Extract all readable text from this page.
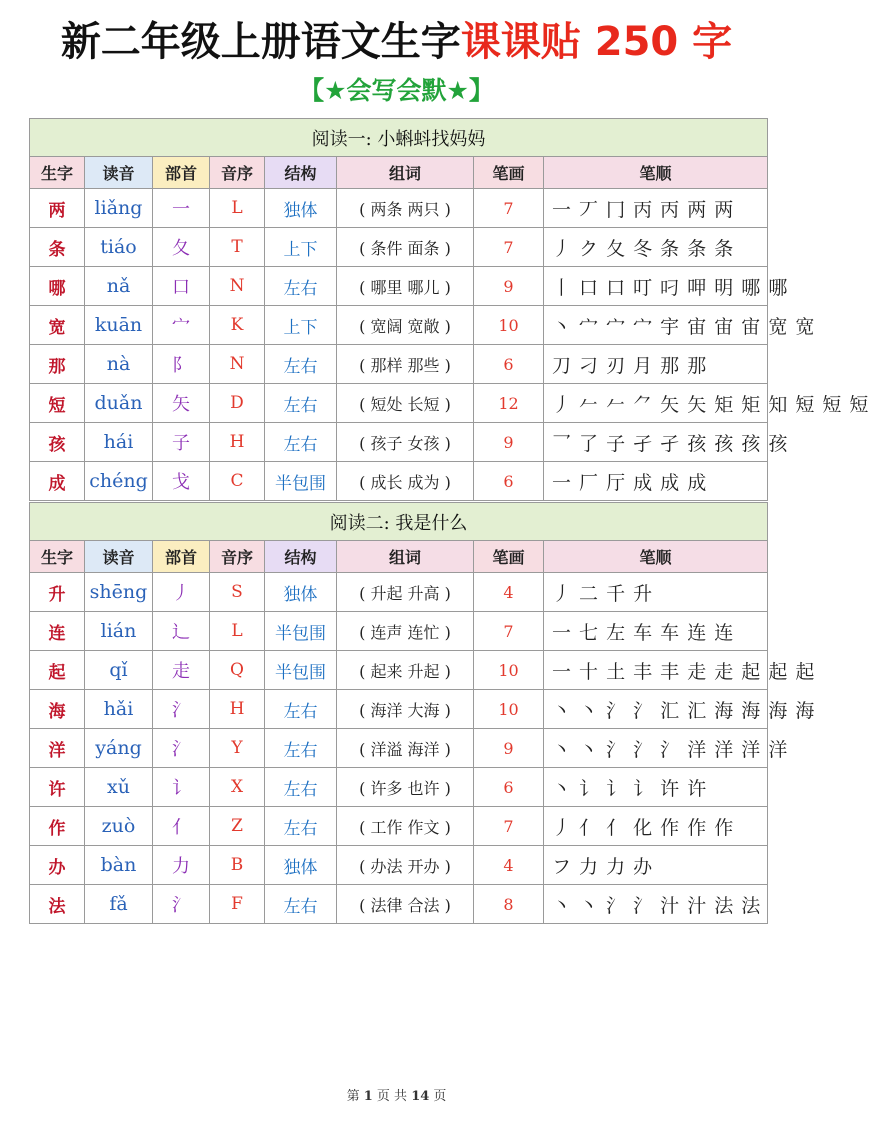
新二年级上册语文生字课课贴 250 字
【★会写会默★】
阅读一: 小蝌蚪找妈妈							
生字	读音	部首	音序	结构	组词	笔画	笔顺
两	liǎng	一	L	独体	( 两条 两只 )	7	一 丆 冂 丙 丙 两 两
条	tiáo	夂	T	上下	( 条件 面条 )	7	丿 ク 夂 冬 条 条 条
哪	nǎ	口	N	左右	( 哪里 哪儿 )	9	丨 口 口 叮 叼 呷 明 哪 哪
宽	kuān	宀	K	上下	( 宽阔 宽敞 )	10	丶 宀 宀 宀 宇 宙 宙 宙 宽 宽
那	nà	阝	N	左右	( 那样 那些 )	6	刀 刁 刃 月 那 那
短	duǎn	矢	D	左右	( 短处 长短 )	12	丿 𠂉 𠂉 ⺈ 矢 矢 矩 矩 知 短 短 短
孩	hái	子	H	左右	( 孩子 女孩 )	9	乛 了 子 孑 孑 孩 孩 孩 孩
成	chéng	戈	C	半包围	( 成长 成为 )	6	一 厂 厅 成 成 成
阅读二: 我是什么							
生字	读音	部首	音序	结构	组词	笔画	笔顺
升	shēng	丿	S	独体	( 升起 升高 )	4	丿 二 千 升
连	lián	辶	L	半包围	( 连声 连忙 )	7	一 七 左 车 车 连 连
起	qǐ	走	Q	半包围	( 起来 升起 )	10	一 十 土 丰 丰 走 走 起 起 起
海	hǎi	氵	H	左右	( 海洋 大海 )	10	丶 丶 氵 氵 汇 汇 海 海 海 海
洋	yáng	氵	Y	左右	( 洋溢 海洋 )	9	丶 丶 氵 氵 氵 洋 洋 洋 洋
许	xǔ	讠	X	左右	( 许多 也许 )	6	丶 讠 讠 讠 许 许
作	zuò	亻	Z	左右	( 工作 作文 )	7	丿 亻 亻 化 作 作 作
办	bàn	力	B	独体	( 办法 开办 )	4	フ 力 力 办
法	fǎ	氵	F	左右	( 法律 合法 )	8	丶 丶 氵 氵 汁 汁 法 法
第 1 页 共 14 页
